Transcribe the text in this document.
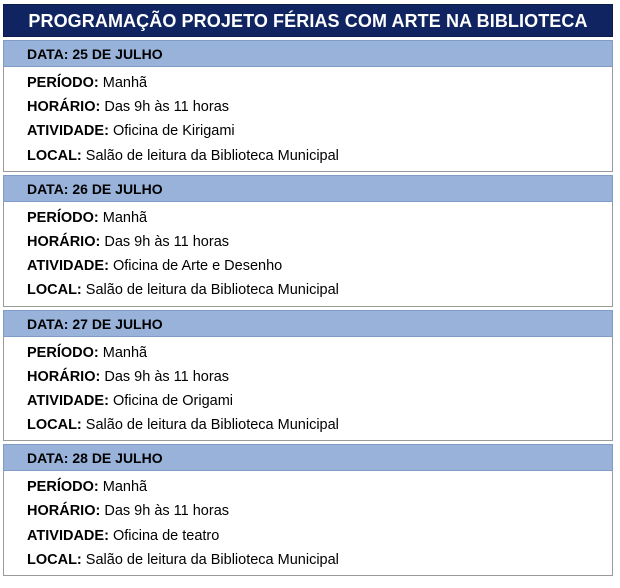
PROGRAMAÇÃO PROJETO FÉRIAS COM ARTE NA BIBLIOTECA
DATA: 25 DE JULHO
PERÍODO: Manhã
HORÁRIO: Das 9h às 11 horas
ATIVIDADE: Oficina de Kirigami
LOCAL: Salão de leitura da Biblioteca Municipal
DATA: 26 DE JULHO
PERÍODO: Manhã
HORÁRIO: Das 9h às 11 horas
ATIVIDADE: Oficina de Arte e Desenho
LOCAL: Salão de leitura da Biblioteca Municipal
DATA: 27 DE JULHO
PERÍODO: Manhã
HORÁRIO: Das 9h às 11 horas
ATIVIDADE: Oficina de Origami
LOCAL: Salão de leitura da Biblioteca Municipal
DATA: 28 DE JULHO
PERÍODO: Manhã
HORÁRIO: Das 9h às 11 horas
ATIVIDADE: Oficina de teatro
LOCAL: Salão de leitura da Biblioteca Municipal
